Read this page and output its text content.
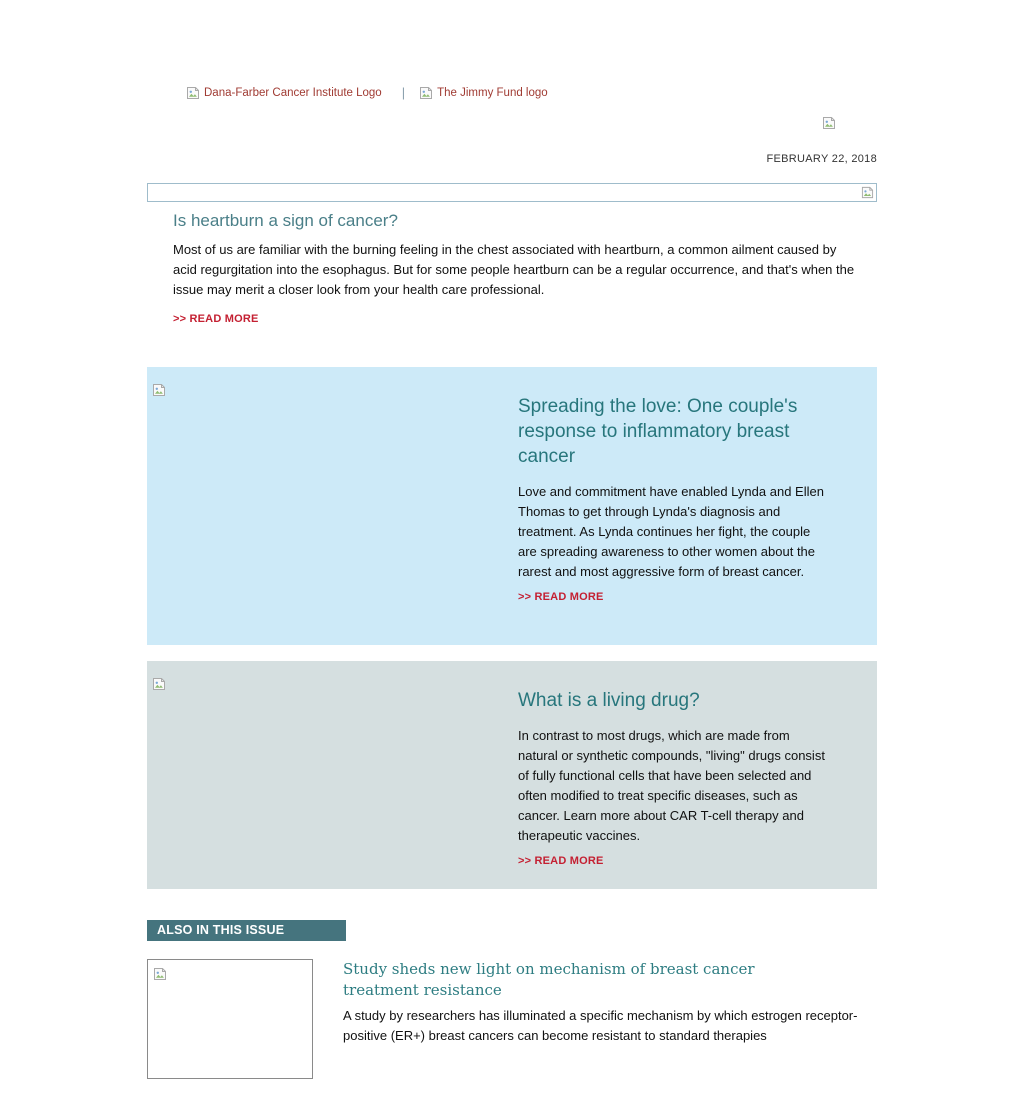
Dana-Farber Cancer Institute Logo |	The Jimmy Fund logo
FEBRUARY 22, 2018
Is heartburn a sign of cancer?

Most of us are familiar with the burning feeling in the chest associated with heartburn, a common ailment caused by acid regurgitation into the esophagus. But for some people heartburn can be a regular occurrence, and that's when the issue may merit a closer look from your health care professional.

>> READ MORE
Spreading the love: One couple's response to inflammatory breast cancer

Love and commitment have enabled Lynda and Ellen Thomas to get through Lynda's diagnosis and treatment. As Lynda continues her fight, the couple are spreading awareness to other women about the rarest and most aggressive form of breast cancer.

>> READ MORE
What is a living drug?

In contrast to most drugs, which are made from natural or synthetic compounds, "living" drugs consist of fully functional cells that have been selected and often modified to treat specific diseases, such as cancer. Learn more about CAR T-cell therapy and therapeutic vaccines.

>> READ MORE
ALSO IN THIS ISSUE
Study sheds new light on mechanism of breast cancer treatment resistance

A study by researchers has illuminated a specific mechanism by which estrogen receptor-positive (ER+) breast cancers can become resistant to standard therapies
